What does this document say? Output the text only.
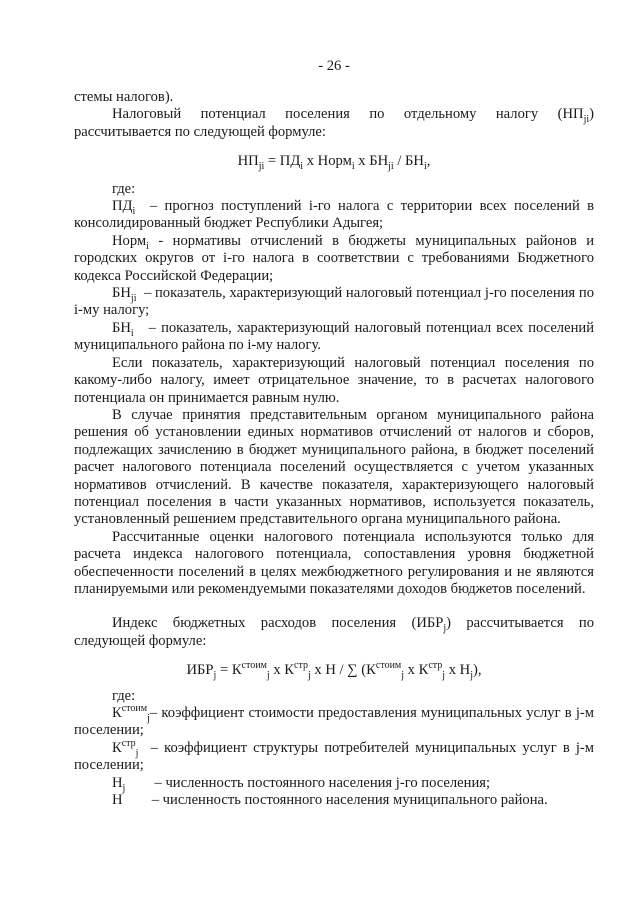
- 26 -

стемы налогов).

Налоговый потенциал поселения по отдельному налогу $(НП_{ji})$ рассчитывается по следующей формуле:

$НП_{ji} = ПД_i$ x Норм$_i$ x $БН_{ji} / БН_i$,

где:

$ПД_i$  – прогноз поступлений i-го налога с территории всех поселений в консолидированный бюджет Республики Адыгея;

Норм$_i$ - нормативы отчислений в бюджеты муниципальных районов и городских округов от i-го налога в соответствии с требованиями Бюджетного кодекса Российской Федерации;

$БН_{ji}$  – показатель, характеризующий налоговый потенциал j-го поселения по i-му налогу;

$БН_i$   – показатель, характеризующий налоговый потенциал всех поселений муниципального района по i-му налогу.

Если показатель, характеризующий налоговый потенциал поселения по какому-либо налогу, имеет отрицательное значение, то в расчетах налогового потенциала он принимается равным нулю.

В случае принятия представительным органом муниципального района решения об установлении единых нормативов отчислений от налогов и сборов, подлежащих зачислению в бюджет муниципального района, в бюджет поселений расчет налогового потенциала поселений осуществляется с учетом указанных нормативов отчислений. В качестве показателя, характеризующего налоговый потенциал поселения в части указанных нормативов, используется показатель, установленный решением представительного органа муниципального района.

Рассчитанные оценки налогового потенциала используются только для расчета индекса налогового потенциала, сопоставления уровня бюджетной обеспеченности поселений в целях межбюджетного регулирования и не являются планируемыми или рекомендуемыми показателями доходов бюджетов поселений.

Индекс бюджетных расходов поселения $(ИБР_j)$ рассчитывается по следующей формуле:

$ИБР_j = К^{стоим}_j$ x $К^{стр}_j$ x Н / ∑ ($К^{стоим}_j$ x $К^{стр}_j$ x $Н_j$),

где:

$К^{стоим}_j-$ коэффициент стоимости предоставления муниципальных услуг в j-м поселении;

$К^{стр}_j$  – коэффициент структуры потребителей муниципальных услуг в j-м поселении;

$Н_j$        – численность постоянного населения j-го поселения;

Н        – численность постоянного населения муниципального района.
